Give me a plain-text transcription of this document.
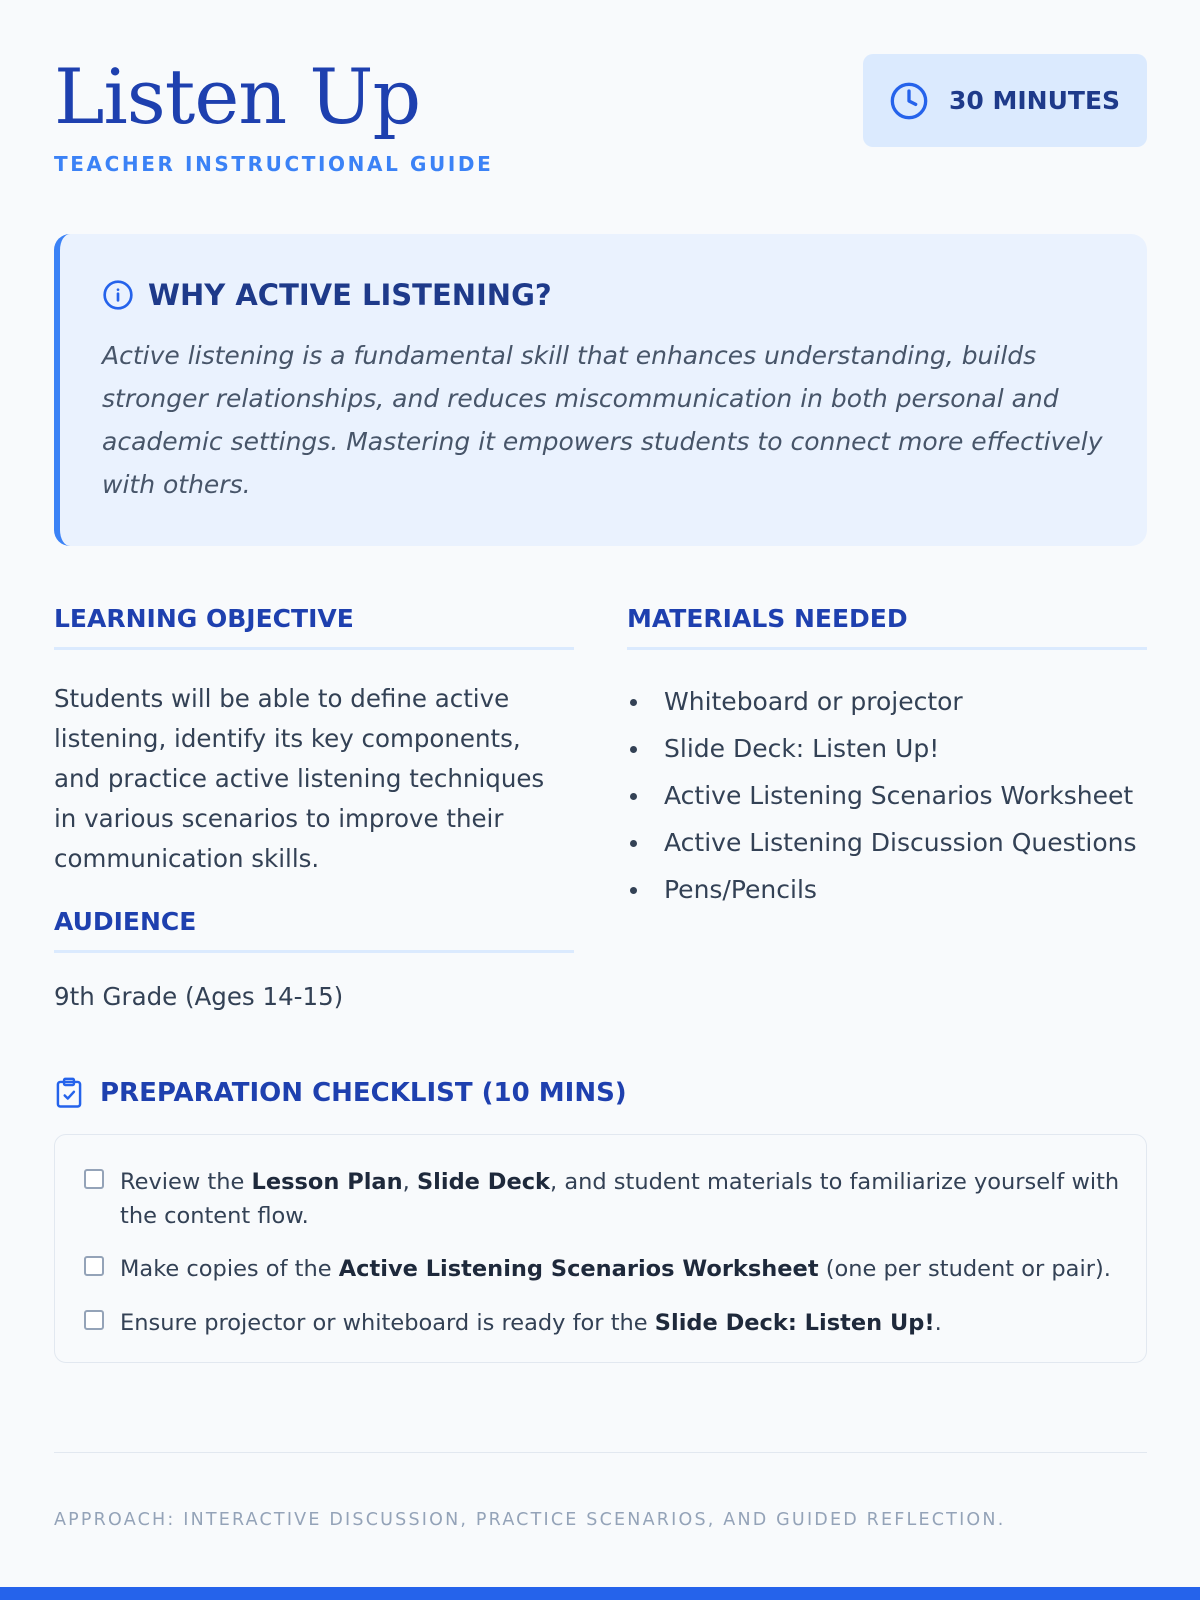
Listen Up
TEACHER INSTRUCTIONAL GUIDE
30 MINUTES
WHY ACTIVE LISTENING?

Active listening is a fundamental skill that enhances understanding, builds stronger relationships, and reduces miscommunication in both personal and academic settings. Mastering it empowers students to connect more effectively with others.

LEARNING OBJECTIVE

Students will be able to define active listening, identify its key components, and practice active listening techniques in various scenarios to improve their communication skills.

AUDIENCE
9th Grade (Ages 14-15)
MATERIALS NEEDED
Whiteboard or projector
Slide Deck: Listen Up!
Active Listening Scenarios Worksheet
Active Listening Discussion Questions
Pens/Pencils
PREPARATION CHECKLIST (10 MINS)
Review the Lesson Plan, Slide Deck, and student materials to familiarize yourself with the content flow.
Make copies of the Active Listening Scenarios Worksheet (one per student or pair).
Ensure projector or whiteboard is ready for the Slide Deck: Listen Up!.
APPROACH: INTERACTIVE DISCUSSION, PRACTICE SCENARIOS, AND GUIDED REFLECTION.
